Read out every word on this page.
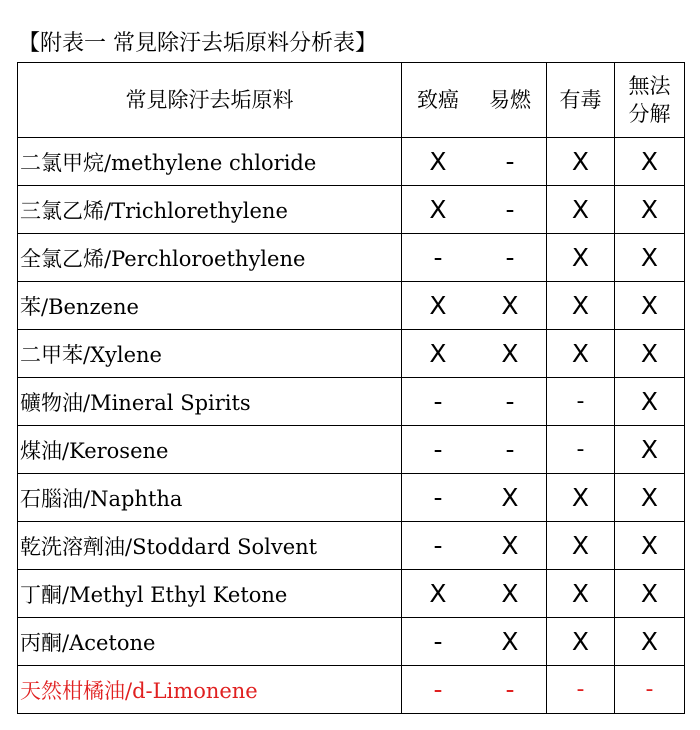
【附表一 常見除汙去垢原料分析表】
常見除汙去垢原料	致癌 易燃	有毒	無法分解

二氯甲烷/methylene chloride	X -	X	X
三氯乙烯/Trichlorethylene	X -	X	X
全氯乙烯/Perchloroethylene	- -	X	X
苯/Benzene	X X	X	X
二甲苯/Xylene	X X	X	X
礦物油/Mineral Spirits	- -	-	X
煤油/Kerosene	- -	-	X
石腦油/Naphtha	- X	X	X
乾洗溶劑油/Stoddard Solvent	- X	X	X
丁酮/Methyl Ethyl Ketone	X X	X	X
丙酮/Acetone	- X	X	X
天然柑橘油/d-Limonene	- -	-	-
